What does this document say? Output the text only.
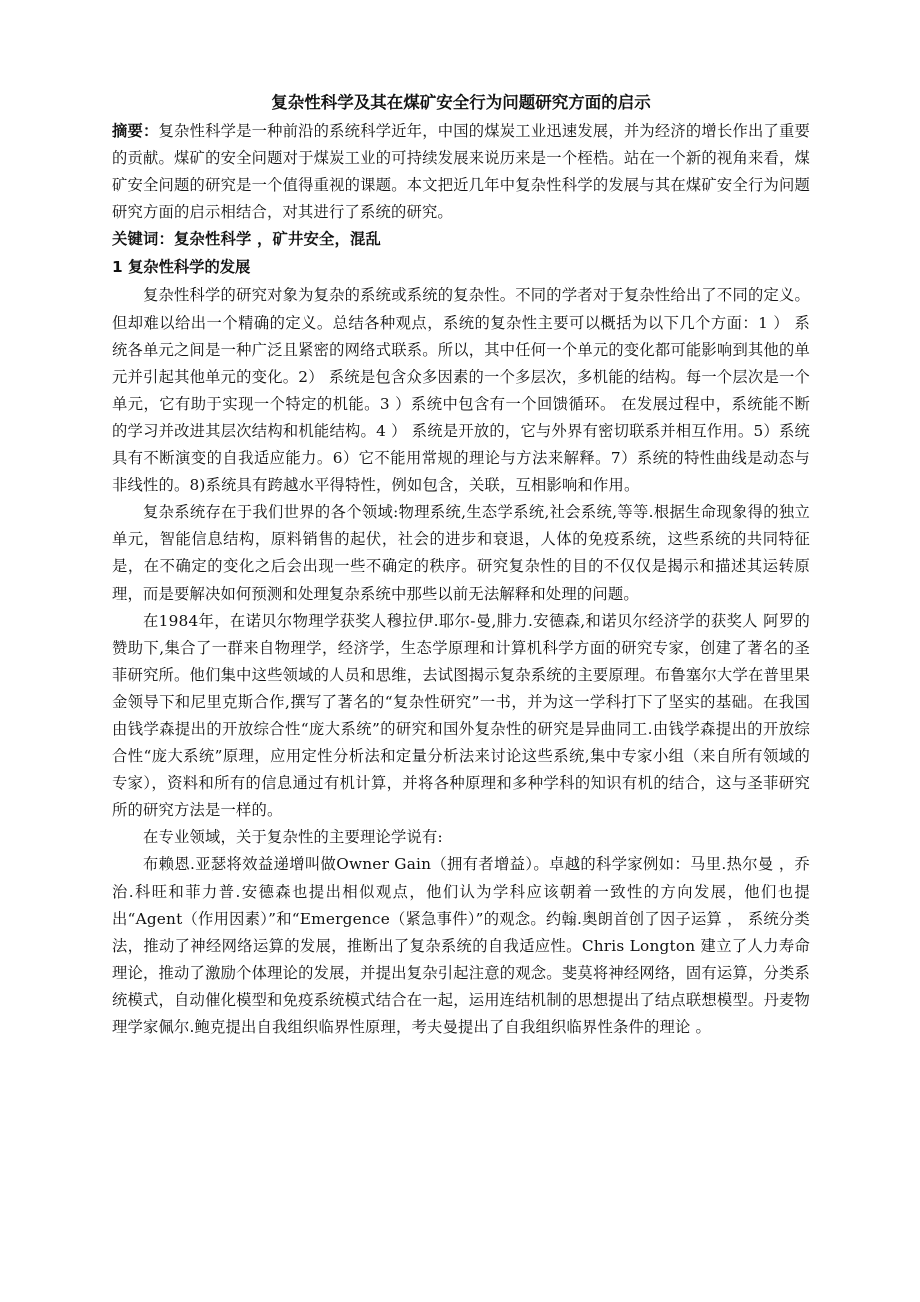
复杂性科学及其在煤矿安全行为问题研究方面的启示

摘要：复杂性科学是一种前沿的系统科学近年，中国的煤炭工业迅速发展，并为经济的增长作出了重要的贡献。煤矿的安全问题对于煤炭工业的可持续发展来说历来是一个桎梏。站在一个新的视角来看，煤矿安全问题的研究是一个值得重视的课题。本文把近几年中复杂性科学的发展与其在煤矿安全行为问题研究方面的启示相结合，对其进行了系统的研究。

关键词：复杂性科学 ，矿井安全，混乱

1 复杂性科学的发展

复杂性科学的研究对象为复杂的系统或系统的复杂性。不同的学者对于复杂性给出了不同的定义。但却难以给出一个精确的定义。总结各种观点，系统的复杂性主要可以概括为以下几个方面：1 ） 系统各单元之间是一种广泛且紧密的网络式联系。所以，其中任何一个单元的变化都可能影响到其他的单元并引起其他单元的变化。2） 系统是包含众多因素的一个多层次，多机能的结构。每一个层次是一个单元，它有助于实现一个特定的机能。3 ）系统中包含有一个回馈循环。 在发展过程中，系统能不断的学习并改进其层次结构和机能结构。4 ） 系统是开放的，它与外界有密切联系并相互作用。5）系统具有不断演变的自我适应能力。6）它不能用常规的理论与方法来解释。7）系统的特性曲线是动态与非线性的。8)系统具有跨越水平得特性，例如包含，关联，互相影响和作用。

复杂系统存在于我们世界的各个领域:物理系统,生态学系统,社会系统,等等.根据生命现象得的独立单元，智能信息结构，原料销售的起伏，社会的进步和衰退，人体的免疫系统，这些系统的共同特征是，在不确定的变化之后会出现一些不确定的秩序。研究复杂性的目的不仅仅是揭示和描述其运转原理，而是要解决如何预测和处理复杂系统中那些以前无法解释和处理的问题。

在1984年，在诺贝尔物理学获奖人穆拉伊.耶尔-曼,腓力.安德森,和诺贝尔经济学的获奖人 阿罗的赞助下,集合了一群来自物理学，经济学，生态学原理和计算机科学方面的研究专家，创建了著名的圣菲研究所。他们集中这些领域的人员和思维，去试图揭示复杂系统的主要原理。布鲁塞尔大学在普里果金领导下和尼里克斯合作,撰写了著名的“复杂性研究”一书，并为这一学科打下了坚实的基础。在我国由钱学森提出的开放综合性“庞大系统”的研究和国外复杂性的研究是异曲同工.由钱学森提出的开放综合性“庞大系统”原理，应用定性分析法和定量分析法来讨论这些系统,集中专家小组（来自所有领域的专家），资料和所有的信息通过有机计算，并将各种原理和多种学科的知识有机的结合，这与圣菲研究所的研究方法是一样的。

在专业领域，关于复杂性的主要理论学说有:

布赖恩.亚瑟将效益递增叫做Owner Gain（拥有者增益）。卓越的科学家例如：马里.热尔曼 ，乔治.科旺和菲力普.安德森也提出相似观点，他们认为学科应该朝着一致性的方向发展，他们也提出“Agent（作用因素）”和“Emergence（紧急事件）”的观念。约翰.奥朗首创了因子运算 ， 系统分类法，推动了神经网络运算的发展，推断出了复杂系统的自我适应性。Chris Longton 建立了人力寿命理论，推动了激励个体理论的发展，并提出复杂引起注意的观念。斐莫将神经网络，固有运算，分类系统模式，自动催化模型和免疫系统模式结合在一起，运用连结机制的思想提出了结点联想模型。丹麦物理学家佩尔.鲍克提出自我组织临界性原理，考夫曼提出了自我组织临界性条件的理论 。
